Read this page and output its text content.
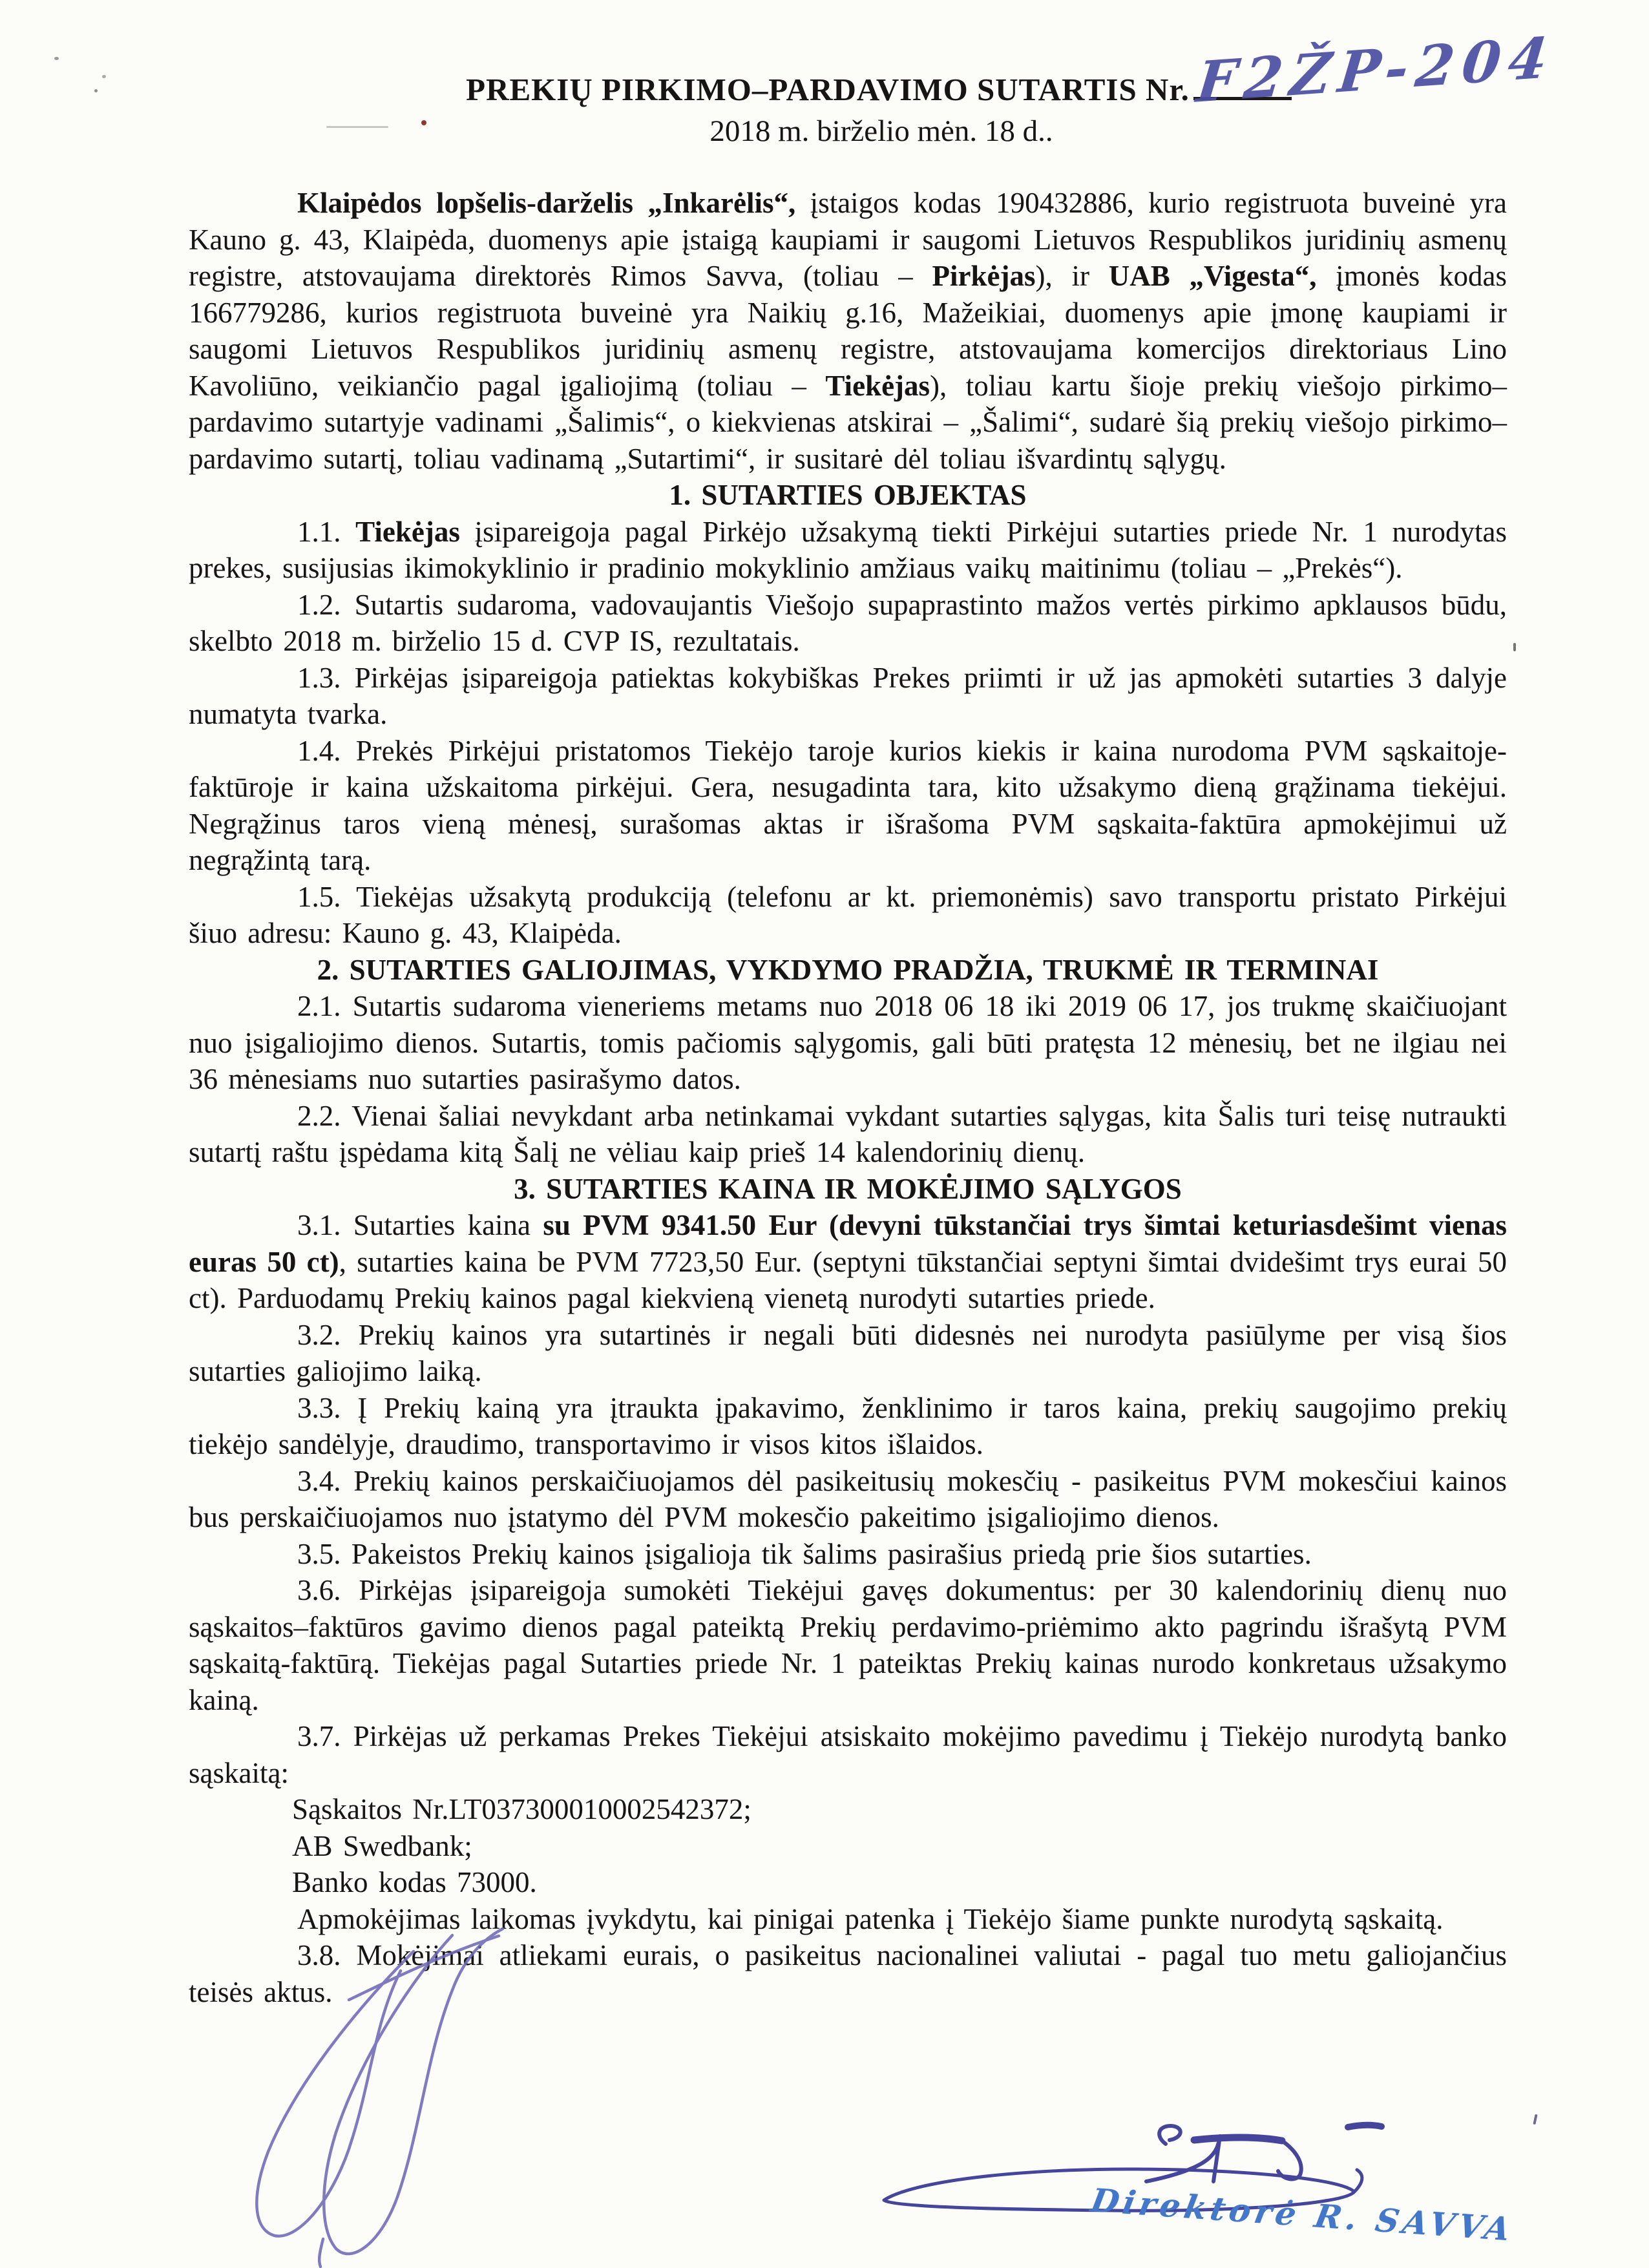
PREKIŲ PIRKIMO–PARDAVIMO SUTARTIS Nr.
2018 m. birželio mėn. 18 d..

Klaipėdos lopšelis-darželis „Inkarėlis“, įstaigos kodas 190432886, kurio registruota buveinė yra Kauno g. 43, Klaipėda, duomenys apie įstaigą kaupiami ir saugomi Lietuvos Respublikos juridinių asmenų registre, atstovaujama direktorės Rimos Savva, (toliau – Pirkėjas), ir UAB „Vigesta“, įmonės kodas 166779286, kurios registruota buveinė yra Naikių g.16, Mažeikiai, duomenys apie įmonę kaupiami ir saugomi Lietuvos Respublikos juridinių asmenų registre, atstovaujama komercijos direktoriaus Lino Kavoliūno, veikiančio pagal įgaliojimą (toliau – Tiekėjas), toliau kartu šioje prekių viešojo pirkimo–pardavimo sutartyje vadinami „Šalimis“, o kiekvienas atskirai – „Šalimi“, sudarė šią prekių viešojo pirkimo–pardavimo sutartį, toliau vadinamą „Sutartimi“, ir susitarė dėl toliau išvardintų sąlygų.

1. SUTARTIES OBJEKTAS

1.1. Tiekėjas įsipareigoja pagal Pirkėjo užsakymą tiekti Pirkėjui sutarties priede Nr. 1 nurodytas prekes, susijusias ikimokyklinio ir pradinio mokyklinio amžiaus vaikų maitinimu (toliau – „Prekės“).

1.2. Sutartis sudaroma, vadovaujantis Viešojo supaprastinto mažos vertės pirkimo apklausos būdu, skelbto 2018 m. birželio 15 d. CVP IS, rezultatais.

1.3. Pirkėjas įsipareigoja patiektas kokybiškas Prekes priimti ir už jas apmokėti sutarties 3 dalyje numatyta tvarka.

1.4. Prekės Pirkėjui pristatomos Tiekėjo taroje kurios kiekis ir kaina nurodoma PVM sąskaitoje-faktūroje ir kaina užskaitoma pirkėjui. Gera, nesugadinta tara, kito užsakymo dieną grąžinama tiekėjui. Negrąžinus taros vieną mėnesį, surašomas aktas ir išrašoma PVM sąskaita-faktūra apmokėjimui už negrąžintą tarą.

1.5. Tiekėjas užsakytą produkciją (telefonu ar kt. priemonėmis) savo transportu pristato Pirkėjui šiuo adresu: Kauno g. 43, Klaipėda.

2. SUTARTIES GALIOJIMAS, VYKDYMO PRADŽIA, TRUKMĖ IR TERMINAI

2.1. Sutartis sudaroma vieneriems metams nuo 2018 06 18 iki 2019 06 17, jos trukmę skaičiuojant nuo įsigaliojimo dienos. Sutartis, tomis pačiomis sąlygomis, gali būti pratęsta 12 mėnesių, bet ne ilgiau nei 36 mėnesiams nuo sutarties pasirašymo datos.

2.2. Vienai šaliai nevykdant arba netinkamai vykdant sutarties sąlygas, kita Šalis turi teisę nutraukti sutartį raštu įspėdama kitą Šalį ne vėliau kaip prieš 14 kalendorinių dienų.

3. SUTARTIES KAINA IR MOKĖJIMO SĄLYGOS

3.1. Sutarties kaina su PVM 9341.50 Eur (devyni tūkstančiai trys šimtai keturiasdešimt vienas euras 50 ct), sutarties kaina be PVM 7723,50 Eur. (septyni tūkstančiai septyni šimtai dvidešimt trys eurai 50 ct). Parduodamų Prekių kainos pagal kiekvieną vienetą nurodyti sutarties priede.

3.2. Prekių kainos yra sutartinės ir negali būti didesnės nei nurodyta pasiūlyme per visą šios sutarties galiojimo laiką.

3.3. Į Prekių kainą yra įtraukta įpakavimo, ženklinimo ir taros kaina, prekių saugojimo prekių tiekėjo sandėlyje, draudimo, transportavimo ir visos kitos išlaidos.

3.4. Prekių kainos perskaičiuojamos dėl pasikeitusių mokesčių - pasikeitus PVM mokesčiui kainos bus perskaičiuojamos nuo įstatymo dėl PVM mokesčio pakeitimo įsigaliojimo dienos.

3.5. Pakeistos Prekių kainos įsigalioja tik šalims pasirašius priedą prie šios sutarties.

3.6. Pirkėjas įsipareigoja sumokėti Tiekėjui gavęs dokumentus: per 30 kalendorinių dienų nuo sąskaitos–faktūros gavimo dienos pagal pateiktą Prekių perdavimo-priėmimo akto pagrindu išrašytą PVM sąskaitą-faktūrą. Tiekėjas pagal Sutarties priede Nr. 1 pateiktas Prekių kainas nurodo konkretaus užsakymo kainą.

3.7. Pirkėjas už perkamas Prekes Tiekėjui atsiskaito mokėjimo pavedimu į Tiekėjo nurodytą banko sąskaitą:

Sąskaitos Nr.LT037300010002542372;
AB Swedbank;
Banko kodas 73000.

Apmokėjimas laikomas įvykdytu, kai pinigai patenka į Tiekėjo šiame punkte nurodytą sąskaitą.

3.8. Mokėjimai atliekami eurais, o pasikeitus nacionalinei valiutai - pagal tuo metu galiojančius teisės aktus.

F2ŽP-204
Direktorė R. SAVVA
